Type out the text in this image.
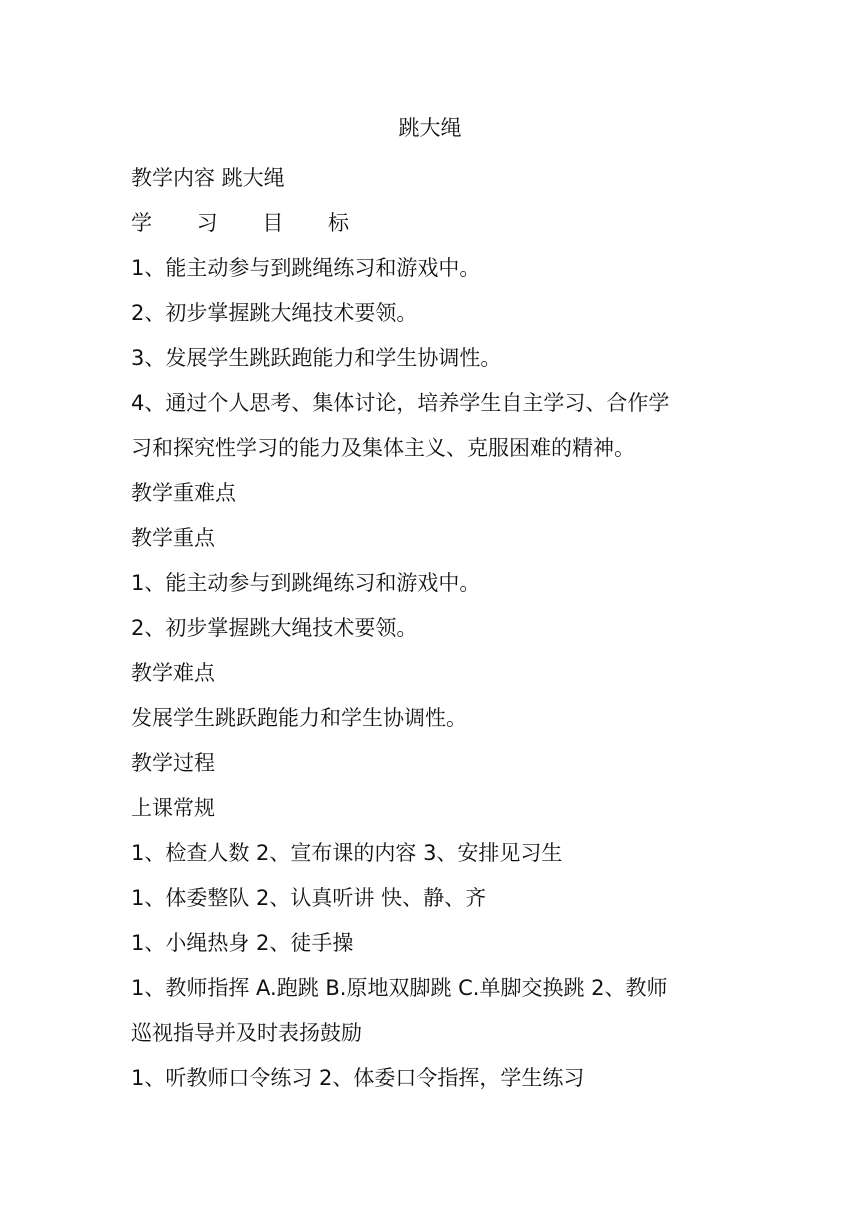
跳大绳

教学内容 跳大绳

学 习 目 标

1、能主动参与到跳绳练习和游戏中。

2、初步掌握跳大绳技术要领。

3、发展学生跳跃跑能力和学生协调性。

4、通过个人思考、集体讨论，培养学生自主学习、合作学

习和探究性学习的能力及集体主义、克服困难的精神。

教学重难点

教学重点

1、能主动参与到跳绳练习和游戏中。

2、初步掌握跳大绳技术要领。

教学难点

发展学生跳跃跑能力和学生协调性。

教学过程

上课常规

1、检查人数 2、宣布课的内容 3、安排见习生

1、体委整队 2、认真听讲 快、静、齐

1、小绳热身 2、徒手操

1、教师指挥 A.跑跳 B.原地双脚跳 C.单脚交换跳 2、教师

巡视指导并及时表扬鼓励

1、听教师口令练习 2、体委口令指挥，学生练习
